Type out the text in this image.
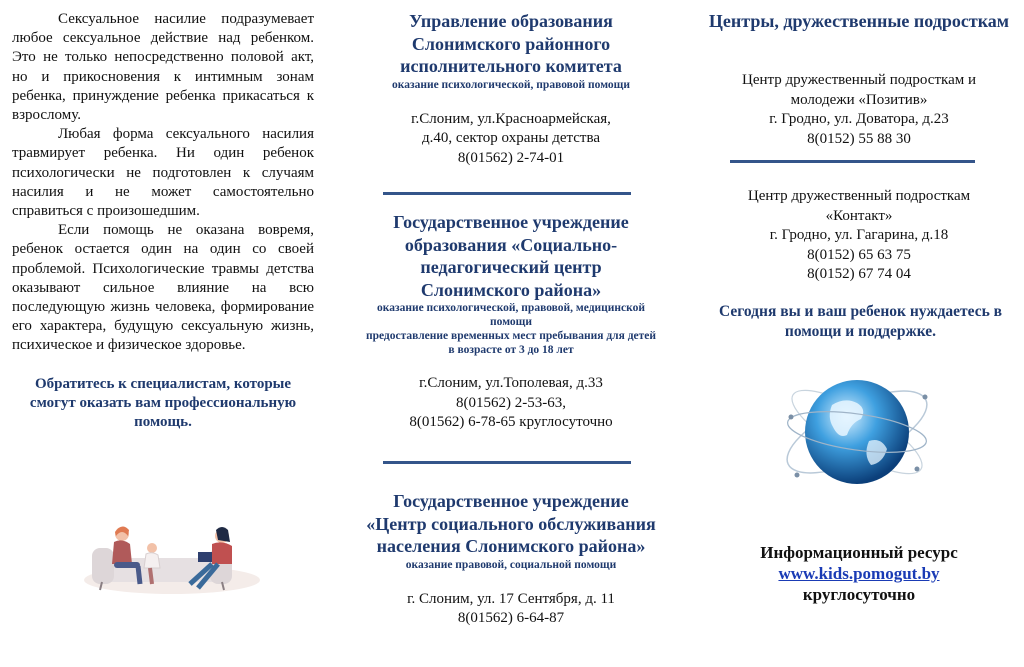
Сексуальное насилие подразумевает любое сексуальное действие над ребенком. Это не только непосредственно половой акт, но и прикосновения к интимным зонам ребенка, принуждение ребенка прикасаться к взрослому.

Любая форма сексуального насилия травмирует ребенка. Ни один ребенок психологически не подготовлен к случаям насилия и не может самостоятельно справиться с произошедшим.

Если помощь не оказана вовремя, ребенок остается один на один со своей проблемой. Психологические травмы детства оказывают сильное влияние на всю последующую жизнь человека, формирование его характера, будущую сексуальную жизнь, психическое и физическое здоровье.

Обратитесь к специалистам, которые смогут оказать вам профессиональную помощь.

Управление образования Слонимского районного исполнительного комитета

оказание психологической, правовой помощи

г.Слоним, ул.Красноармейская,

д.40, сектор охраны детства

8(01562) 2-74-01

Государственное учреждение образования «Социально-педагогический центр Слонимского района»

оказание психологической, правовой, медицинской помощи

предоставление временных мест пребывания для детей в возрасте от 3 до 18 лет

г.Слоним, ул.Тополевая, д.33

8(01562) 2-53-63,

8(01562) 6-78-65 круглосуточно

Государственное учреждение «Центр социального обслуживания населения Слонимского района»

оказание правовой, социальной помощи

г. Слоним, ул. 17 Сентября, д. 11

8(01562) 6-64-87

Центры, дружественные подросткам

Центр дружественный подросткам и

молодежи «Позитив»

г. Гродно, ул. Доватора, д.23

8(0152) 55 88 30

Центр дружественный подросткам

«Контакт»

г. Гродно, ул. Гагарина, д.18

8(0152) 65 63 75

8(0152) 67 74 04

Сегодня вы и ваш ребенок нуждаетесь в помощи и поддержке.
Информационный ресурс
www.kids.pomogut.by
круглосуточно
